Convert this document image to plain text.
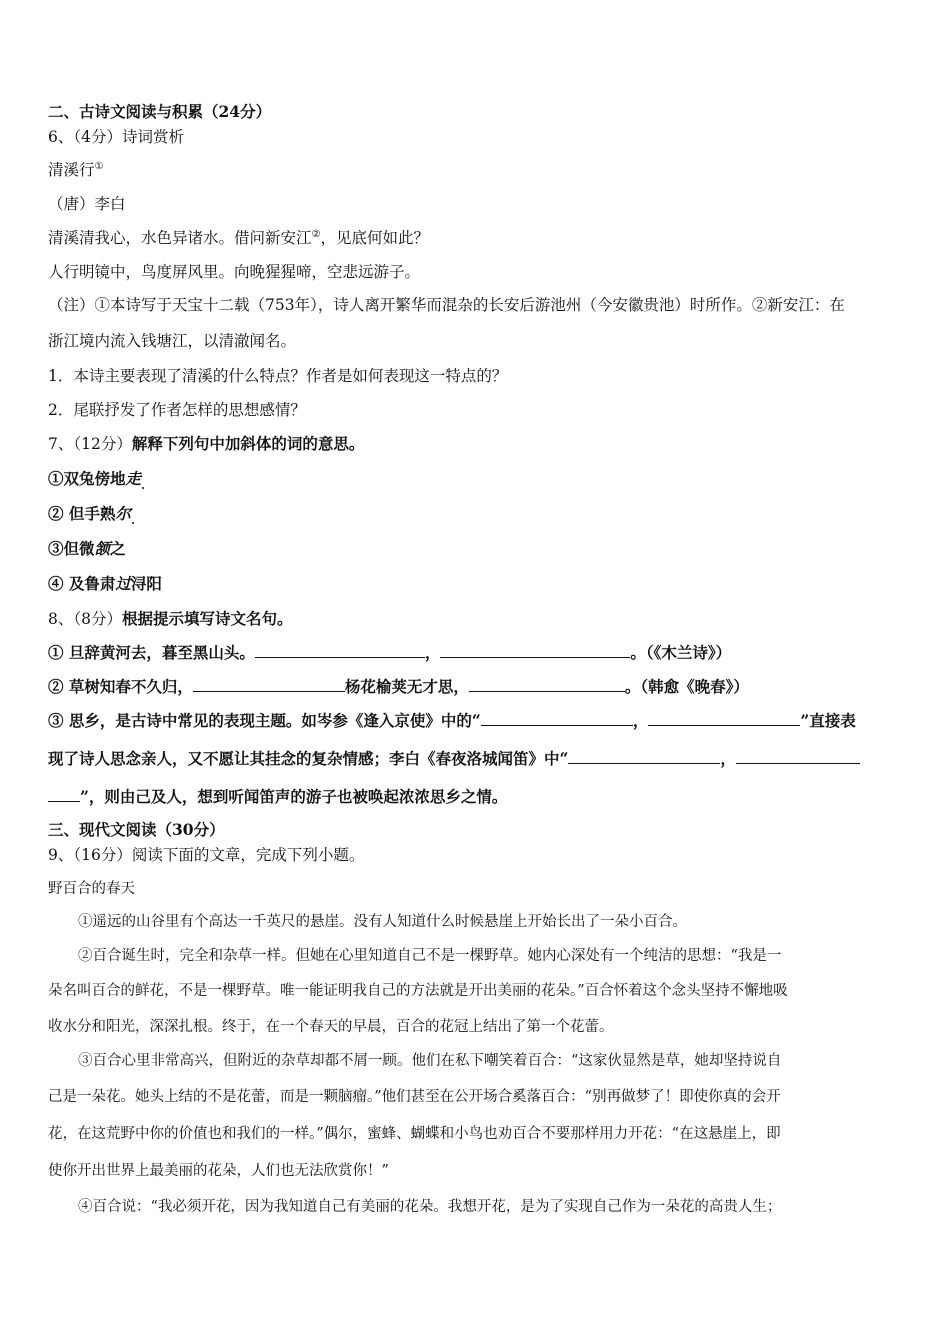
二、古诗文阅读与积累（24分）
6、（4分）诗词赏析
清溪行①
（唐）李白
清溪清我心，水色异诸水。借问新安江②，见底何如此？
人行明镜中，鸟度屏风里。向晚猩猩啼，空悲远游子。
（注）①本诗写于天宝十二载（753年），诗人离开繁华而混杂的长安后游池州（今安徽贵池）时所作。②新安江：在
浙江境内流入钱塘江，以清澈闻名。
1．本诗主要表现了清溪的什么特点？作者是如何表现这一特点的？
2．尾联抒发了作者怎样的思想感情？
7、（12分）解释下列句中加斜体的词的意思。
①双兔傍地走
② 但手熟尔
③但微颔之
④ 及鲁肃过浔阳
8、（8分）根据提示填写诗文名句。
① 旦辞黄河去，暮至黑山头。	，	。（《木兰诗》）
② 草树知春不久归，	杨花榆荚无才思，	。（韩愈《晚春》）
③ 思乡，是古诗中常见的表现主题。如岑参《逢入京使》中的“	，	”直接表
现了诗人思念亲人，又不愿让其挂念的复杂情感；李白《春夜洛城闻笛》中“	，
”，则由己及人，想到听闻笛声的游子也被唤起浓浓思乡之情。
三、现代文阅读（30分）
9、（16分）阅读下面的文章，完成下列小题。
野百合的春天
①遥远的山谷里有个高达一千英尺的悬崖。没有人知道什么时候悬崖上开始长出了一朵小百合。
②百合诞生时，完全和杂草一样。但她在心里知道自己不是一棵野草。她内心深处有一个纯洁的思想：“我是一
朵名叫百合的鲜花，不是一棵野草。唯一能证明我自己的方法就是开出美丽的花朵。”百合怀着这个念头坚持不懈地吸
收水分和阳光，深深扎根。终于，在一个春天的早晨，百合的花冠上结出了第一个花蕾。
③百合心里非常高兴，但附近的杂草却都不屑一顾。他们在私下嘲笑着百合：“这家伙显然是草，她却坚持说自
己是一朵花。她头上结的不是花蕾，而是一颗脑瘤。”他们甚至在公开场合奚落百合：“别再做梦了！即使你真的会开
花，在这荒野中你的价值也和我们的一样。”偶尔，蜜蜂、蝴蝶和小鸟也劝百合不要那样用力开花：“在这悬崖上，即
使你开出世界上最美丽的花朵，人们也无法欣赏你！”
④百合说：“我必须开花，因为我知道自己有美丽的花朵。我想开花，是为了实现自己作为一朵花的高贵人生；
